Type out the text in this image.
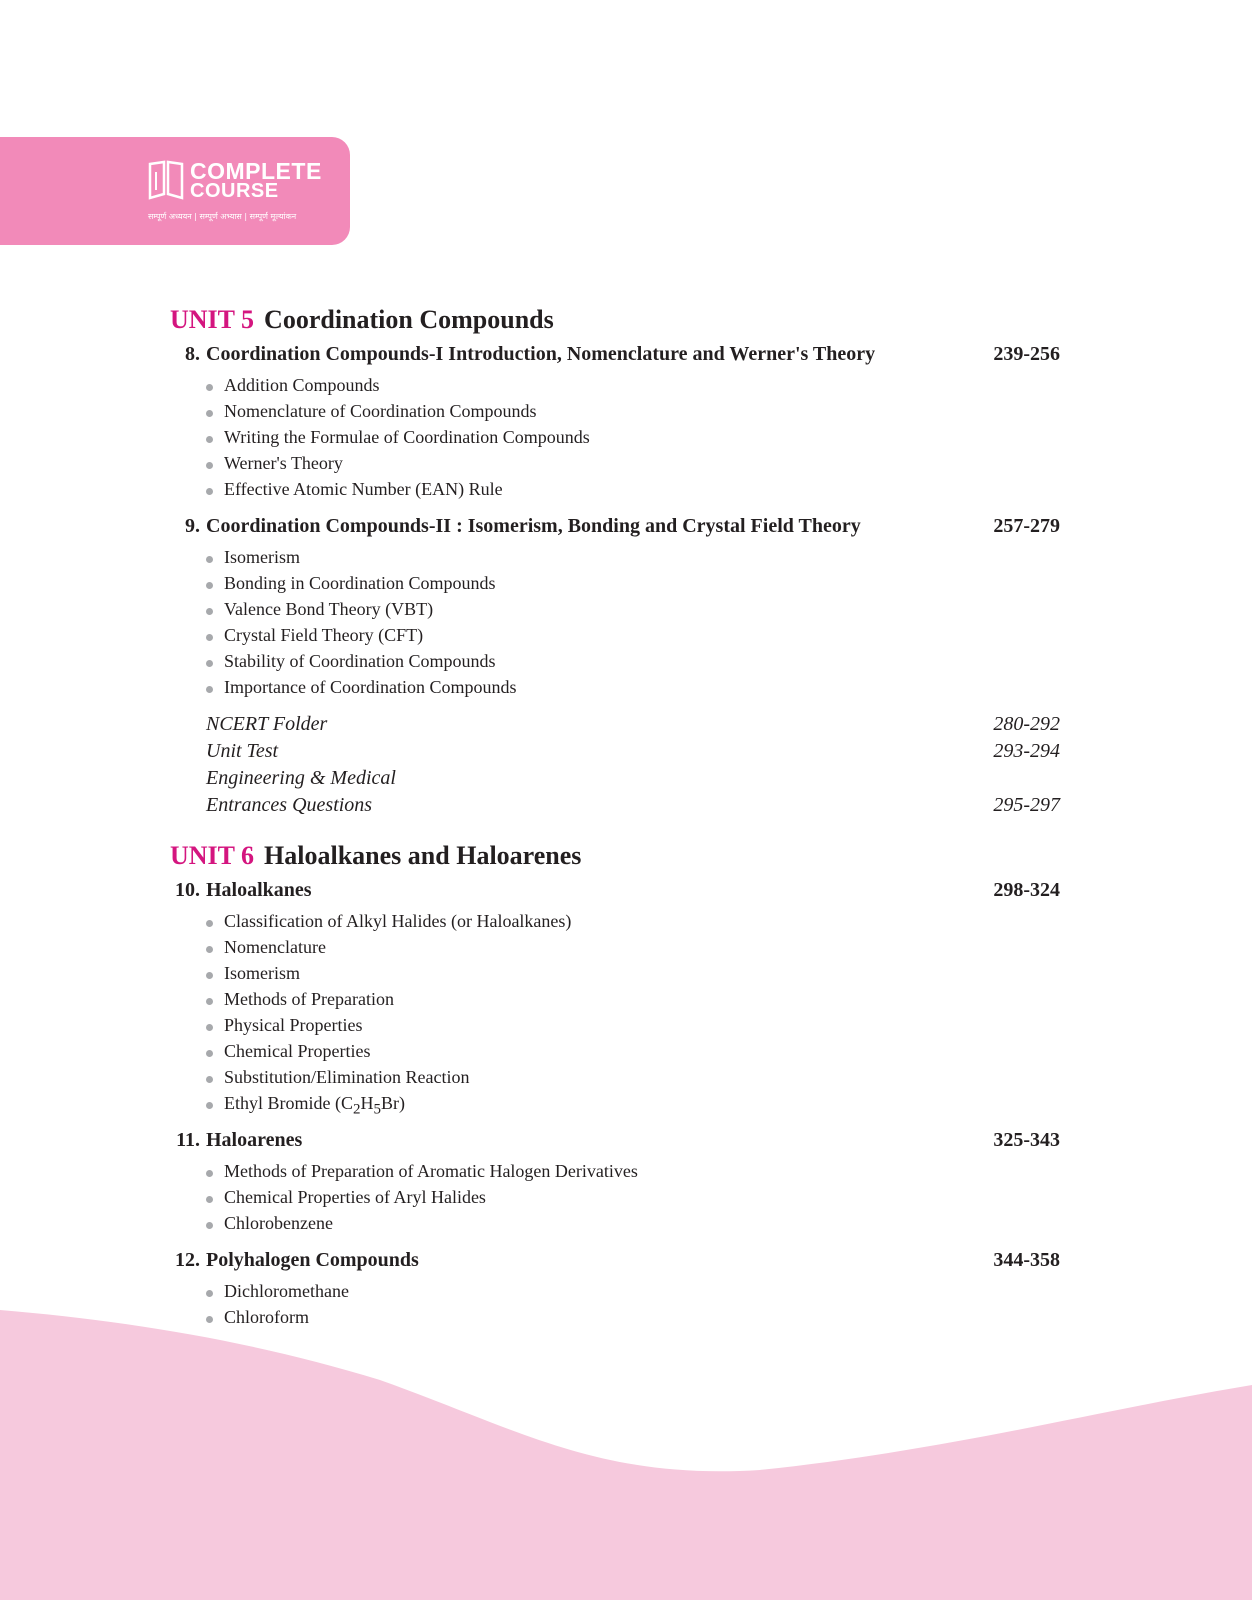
COMPLETE
COURSE
सम्पूर्ण अध्ययन | सम्पूर्ण अभ्यास | सम्पूर्ण मूल्यांकन
UNIT 5 Coordination Compounds
8. Coordination Compounds-I Introduction, Nomenclature and Werner's Theory	239-256
Addition Compounds
Nomenclature of Coordination Compounds
Writing the Formulae of Coordination Compounds
Werner's Theory
Effective Atomic Number (EAN) Rule
9. Coordination Compounds-II : Isomerism, Bonding and Crystal Field Theory	257-279
Isomerism
Bonding in Coordination Compounds
Valence Bond Theory (VBT)
Crystal Field Theory (CFT)
Stability of Coordination Compounds
Importance of Coordination Compounds
NCERT Folder	280-292
Unit Test	293-294
Engineering & Medical
Entrances Questions	295-297
UNIT 6 Haloalkanes and Haloarenes
10. Haloalkanes	298-324
Classification of Alkyl Halides (or Haloalkanes)
Nomenclature
Isomerism
Methods of Preparation
Physical Properties
Chemical Properties
Substitution/Elimination Reaction
Ethyl Bromide $(C_2H_5Br)$
11. Haloarenes	325-343
Methods of Preparation of Aromatic Halogen Derivatives
Chemical Properties of Aryl Halides
Chlorobenzene
12. Polyhalogen Compounds	344-358
Dichloromethane
Chloroform
